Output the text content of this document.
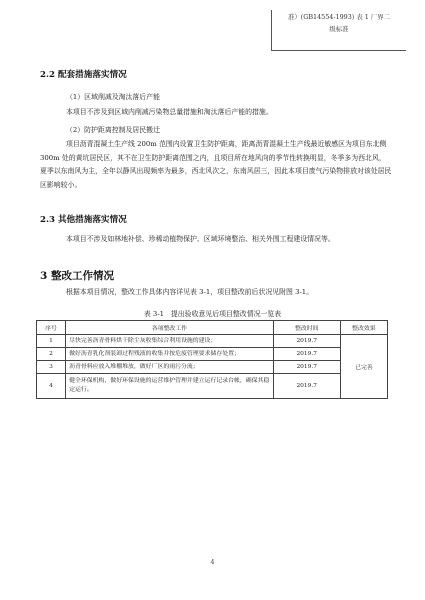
准）(GB14554-1993) 表 1 厂界二
级标准
2.2 配套措施落实情况
（1）区域削减及淘汰落后产能
本项目不涉及到区域内削减污染物总量措施和淘汰落后产能的措施。
（2）防护距离控制及居民搬迁
项目沥青混凝土生产线 200m 范围内设置卫生防护距离，距离沥青混凝土生产线最近敏感区为项目东北侧 300m 处的黄坑居民区，其不在卫生防护距离范围之内，且项目所在地风向的季节性转换明显，冬季多为西北风，夏季以东南风为主，全年以静风出现频率为最多，西北风次之，东南风居三，因此本项目废气污染物排放对该处居民区影响较小。
2.3 其他措施落实情况
本项目不涉及如林地补偿、珍稀动植物保护、区域环境整治、相关外围工程建设情况等。
3 整改工作情况
根据本项目情况，整改工作具体内容详见表 3-1，项目整改前后状况见附图 3-1。
表 3-1　提出验收意见后项目整改情况一览表
序号	各项整改工作	整改时间	整改效果
1	尽快完善沥青骨料烘干除尘灰收集综合利用设施的建设；	2019.7	已完善
2	做好沥青乳化剂装卸过程残液的收集并按危废管理要求储存处置；	2019.7	
3	沥青骨料应放入堆棚堆放，做好厂区的雨污分流；	2019.7	
4	健全环保机构，做好环保设施的运营维护管理并建立运行记录台帐，确保其稳定运行。	2019.7	
4
